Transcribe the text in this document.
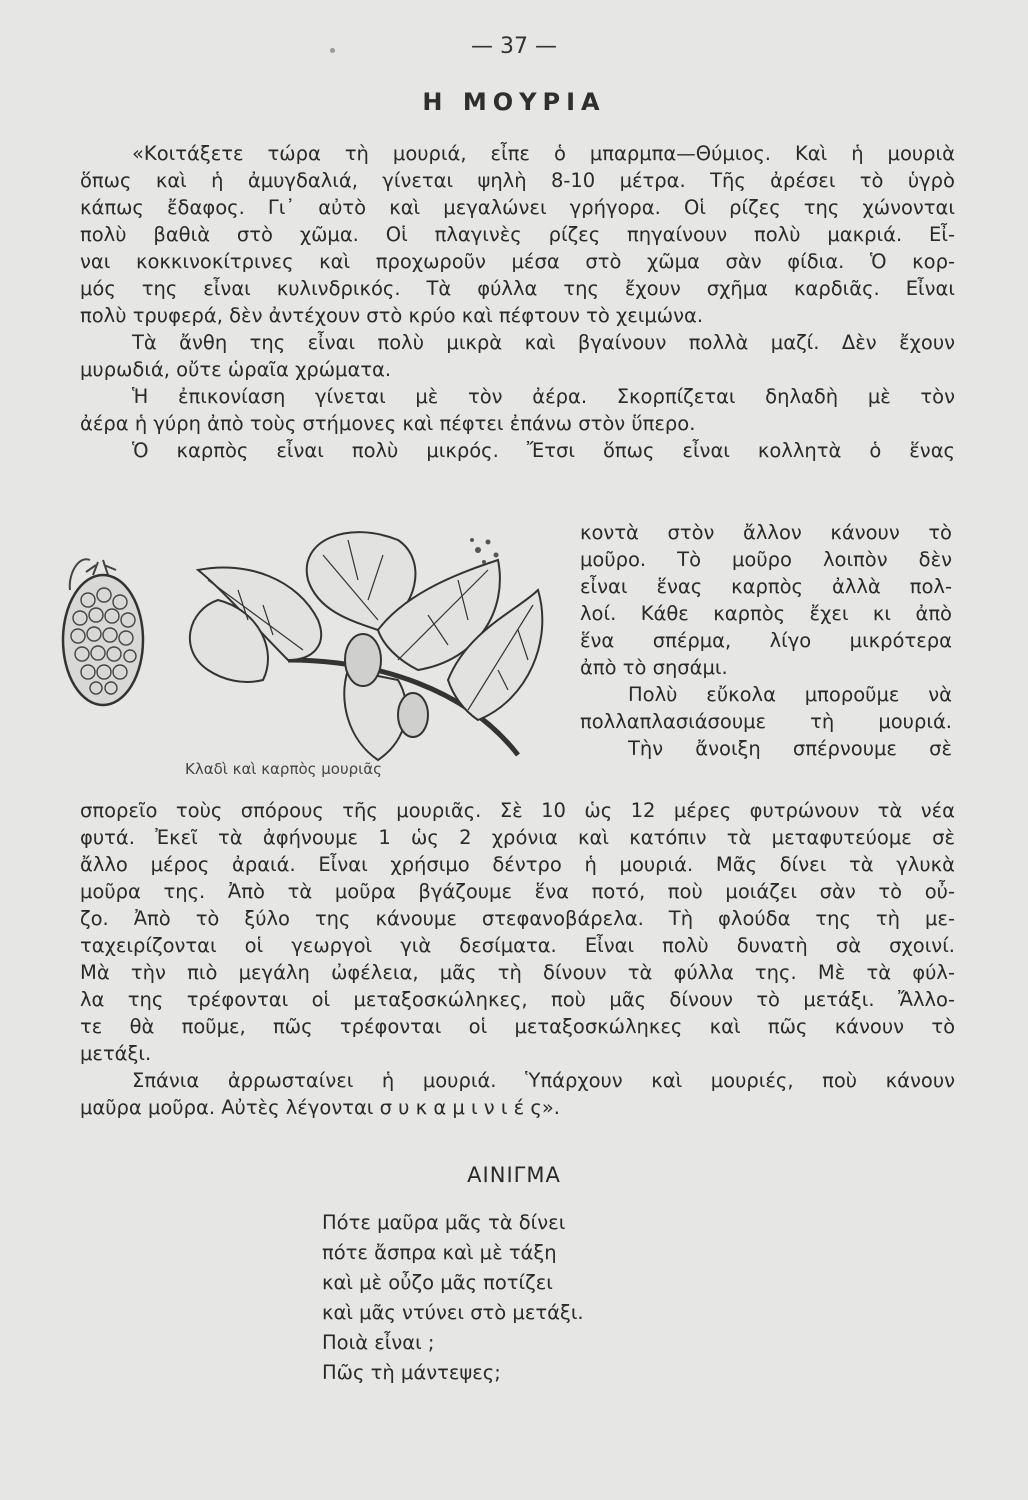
— 37 —
Η ΜΟΥΡΙΑ
«Κοιτάξετε τώρα τὴ μουριά, εἶπε ὁ μπαρμπα—Θύμιος. Καὶ ἡ μουριὰ
ὅπως καὶ ἡ ἀμυγδαλιά, γίνεται ψηλὴ 8-10 μέτρα. Τῆς ἀρέσει τὸ ὑγρὸ
κάπως ἔδαφος. Γι᾿ αὐτὸ καὶ μεγαλώνει γρήγορα. Οἱ ρίζες της χώνονται
πολὺ βαθιὰ στὸ χῶμα. Οἱ πλαγινὲς ρίζες πηγαίνουν πολὺ μακριά. Εἶ-
ναι κοκκινοκίτρινες καὶ προχωροῦν μέσα στὸ χῶμα σὰν φίδια. Ὁ κορ-
μός της εἶναι κυλινδρικός. Τὰ φύλλα της ἔχουν σχῆμα καρδιᾶς. Εἶναι
πολὺ τρυφερά, δὲν ἀντέχουν στὸ κρύο καὶ πέφτουν τὸ χειμώνα.
Τὰ ἄνθη της εἶναι πολὺ μικρὰ καὶ βγαίνουν πολλὰ μαζί. Δὲν ἔχουν
μυρωδιά, οὔτε ὡραῖα χρώματα.
Ἡ ἐπικονίαση γίνεται μὲ τὸν ἀέρα. Σκορπίζεται δηλαδὴ μὲ τὸν
ἀέρα ἡ γύρη ἀπὸ τοὺς στήμονες καὶ πέφτει ἐπάνω στὸν ὕπερο.
Ὁ καρπὸς εἶναι πολὺ μικρός. Ἔτσι ὅπως εἶναι κολλητὰ ὁ ἕνας
κοντὰ στὸν ἄλλον κάνουν τὸ
μοῦρο. Τὸ μοῦρο λοιπὸν δὲν
εἶναι ἕνας καρπὸς ἀλλὰ πολ-
λοί. Κάθε καρπὸς ἔχει κι ἀπὸ
ἕνα σπέρμα, λίγο μικρότερα
ἀπὸ τὸ σησάμι.
Πολὺ εὔκολα μποροῦμε νὰ
πολλαπλασιάσουμε τὴ μουριά.
Τὴν ἄνοιξη σπέρνουμε σὲ
σπορεῖο τοὺς σπόρους τῆς μουριᾶς. Σὲ 10 ὡς 12 μέρες φυτρώνουν τὰ νέα
φυτά. Ἐκεῖ τὰ ἀφήνουμε 1 ὡς 2 χρόνια καὶ κατόπιν τὰ μεταφυτεύομε σὲ
ἄλλο μέρος ἀραιά. Εἶναι χρήσιμο δέντρο ἡ μουριά. Μᾶς δίνει τὰ γλυκὰ
μοῦρα της. Ἀπὸ τὰ μοῦρα βγάζουμε ἕνα ποτό, ποὺ μοιάζει σὰν τὸ οὖ-
ζο. Ἀπὸ τὸ ξύλο της κάνουμε στεφανοβάρελα. Τὴ φλούδα της τὴ με-
ταχειρίζονται οἱ γεωργοὶ γιὰ δεσίματα. Εἶναι πολὺ δυνατὴ σὰ σχοινί.
Μὰ τὴν πιὸ μεγάλη ὠφέλεια, μᾶς τὴ δίνουν τὰ φύλλα της. Μὲ τὰ φύλ-
λα της τρέφονται οἱ μεταξοσκώληκες, ποὺ μᾶς δίνουν τὸ μετάξι. Ἄλλο-
τε θὰ ποῦμε, πῶς τρέφονται οἱ μεταξοσκώληκες καὶ πῶς κάνουν τὸ
μετάξι.
Σπάνια ἀρρωσταίνει ἡ μουριά. Ὑπάρχουν καὶ μουριές, ποὺ κάνουν
μαῦρα μοῦρα. Αὐτὲς λέγονται σ υ κ α μ ι ν ι έ ς».
Κλαδὶ καὶ καρπὸς μουριᾶς
ΑΙΝΙΓΜΑ
Πότε μαῦρα μᾶς τὰ δίνει
πότε ἄσπρα καὶ μὲ τάξη
καὶ μὲ οὖζο μᾶς ποτίζει
καὶ μᾶς ντύνει στὸ μετάξι.
Ποιὰ εἶναι ;
Πῶς τὴ μάντεψες;
